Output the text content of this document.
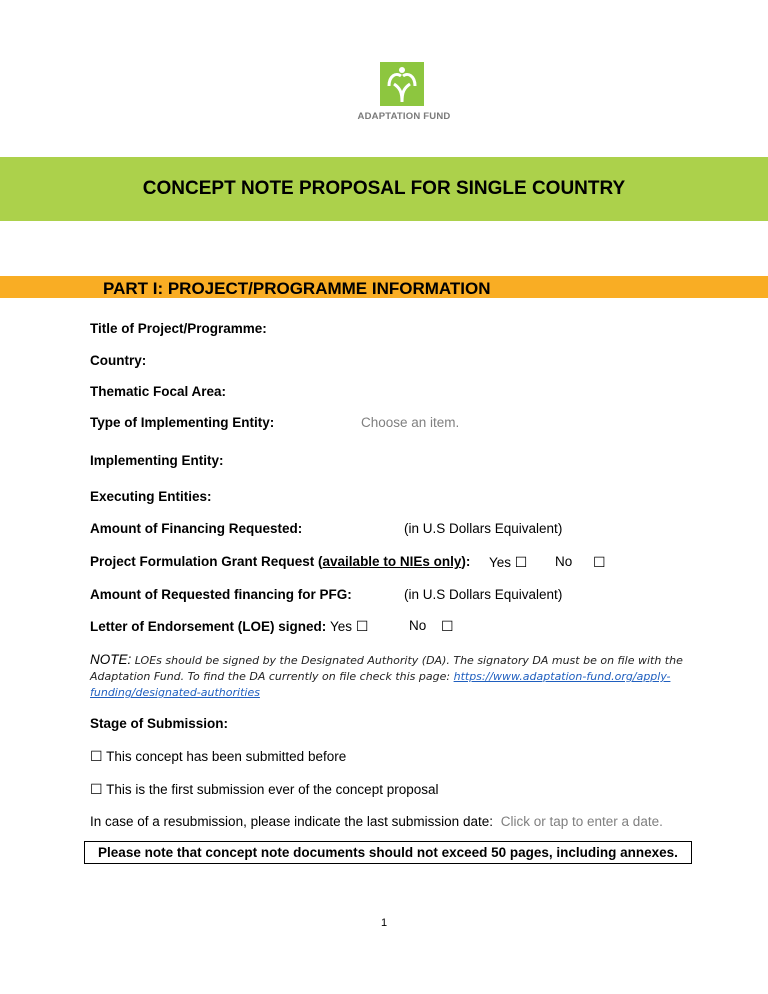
ADAPTATION FUND
CONCEPT NOTE PROPOSAL FOR SINGLE COUNTRY
PART I: PROJECT/PROGRAMME INFORMATION
Title of Project/Programme:
Country:
Thematic Focal Area:
Type of Implementing Entity:	Choose an item.
Implementing Entity:
Executing Entities:
Amount of Financing Requested:	(in U.S Dollars Equivalent)
Project Formulation Grant Request (available to NIEs only): Yes ☐ No ☐
Amount of Requested financing for PFG:	(in U.S Dollars Equivalent)
Letter of Endorsement (LOE) signed: Yes ☐	No ☐
NOTE: LOEs should be signed by the Designated Authority (DA). The signatory DA must be on file with the Adaptation Fund. To find the DA currently on file check this page: https://www.adaptation-fund.org/apply-funding/designated-authorities
Stage of Submission:
☐ This concept has been submitted before
☐ This is the first submission ever of the concept proposal
In case of a resubmission, please indicate the last submission date: Click or tap to enter a date.
Please note that concept note documents should not exceed 50 pages, including annexes.
1
